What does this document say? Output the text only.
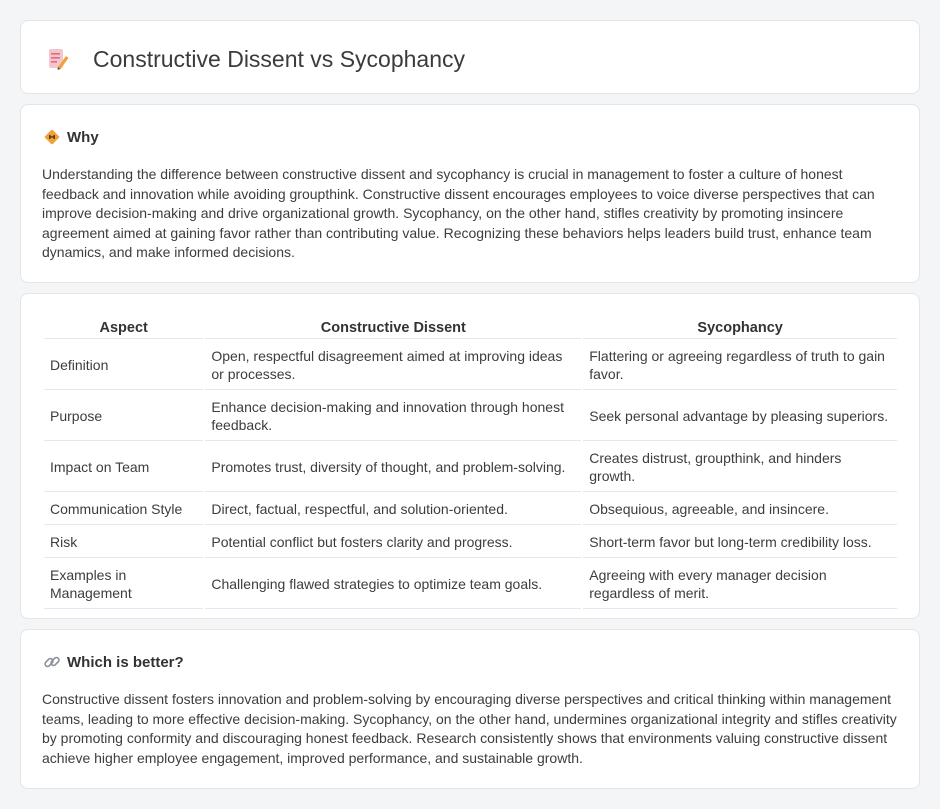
Constructive Dissent vs Sycophancy
Why

Understanding the difference between constructive dissent and sycophancy is crucial in management to foster a culture of honest feedback and innovation while avoiding groupthink. Constructive dissent encourages employees to voice diverse perspectives that can improve decision-making and drive organizational growth. Sycophancy, on the other hand, stifles creativity by promoting insincere agreement aimed at gaining favor rather than contributing value. Recognizing these behaviors helps leaders build trust, enhance team dynamics, and make informed decisions.

Aspect	Constructive Dissent	Sycophancy
Definition	Open, respectful disagreement aimed at improving ideas or processes.	Flattering or agreeing regardless of truth to gain favor.
Purpose	Enhance decision-making and innovation through honest feedback.	Seek personal advantage by pleasing superiors.
Impact on Team	Promotes trust, diversity of thought, and problem-solving.	Creates distrust, groupthink, and hinders growth.
Communication Style	Direct, factual, respectful, and solution-oriented.	Obsequious, agreeable, and insincere.
Risk	Potential conflict but fosters clarity and progress.	Short-term favor but long-term credibility loss.
Examples in Management	Challenging flawed strategies to optimize team goals.	Agreeing with every manager decision regardless of merit.
Which is better?

Constructive dissent fosters innovation and problem-solving by encouraging diverse perspectives and critical thinking within management teams, leading to more effective decision-making. Sycophancy, on the other hand, undermines organizational integrity and stifles creativity by promoting conformity and discouraging honest feedback. Research consistently shows that environments valuing constructive dissent achieve higher employee engagement, improved performance, and sustainable growth.
